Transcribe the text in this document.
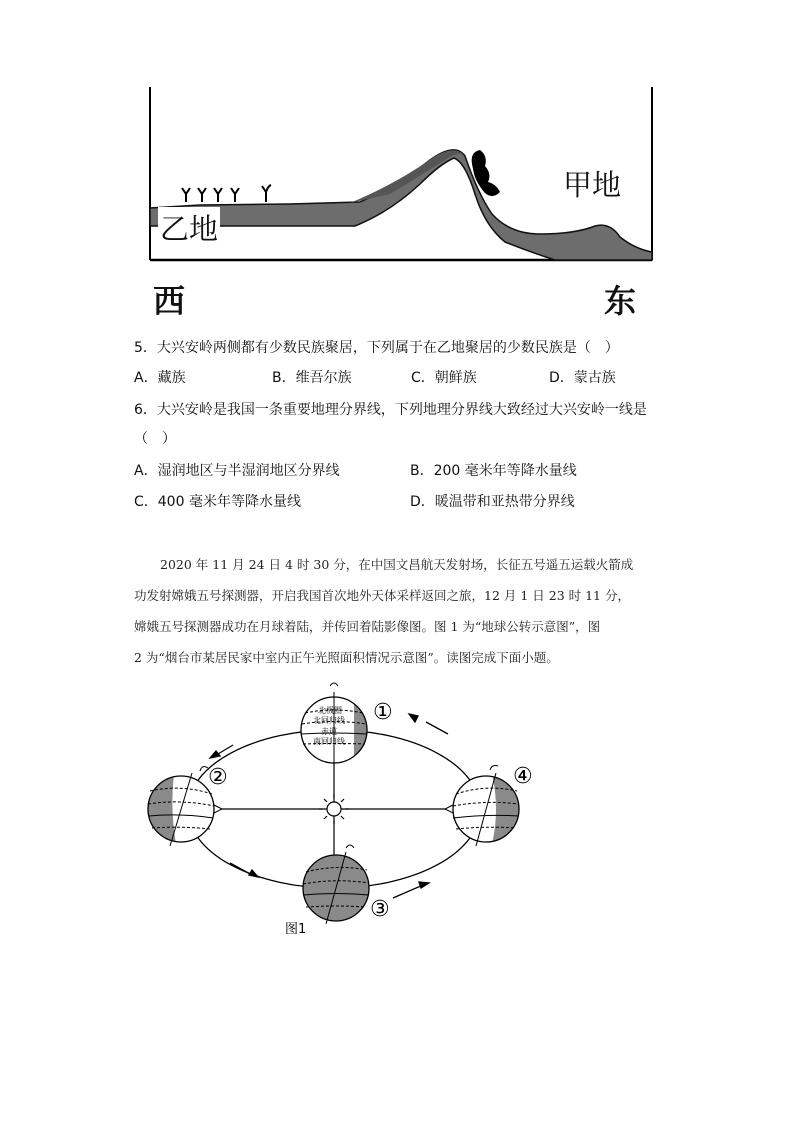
甲地
乙地
西	东
5．大兴安岭两侧都有少数民族聚居，下列属于在乙地聚居的少数民族是（　）
A．藏族	B．维吾尔族	C．朝鲜族	D．蒙古族
6．大兴安岭是我国一条重要地理分界线，下列地理分界线大致经过大兴安岭一线是
（　）
A．湿润地区与半湿润地区分界线	B．200 毫米年等降水量线
C．400 毫米年等降水量线	D．暖温带和亚热带分界线
2020 年 11 月 24 日 4 时 30 分，在中国文昌航天发射场，长征五号遥五运载火箭成
功发射嫦娥五号探测器，开启我国首次地外天体采样返回之旅，12 月 1 日 23 时 11 分，
嫦娥五号探测器成功在月球着陆，并传回着陆影像图。图 1 为“地球公转示意图”，图
2 为“烟台市某居民家中室内正午光照面积情况示意图”。读图完成下面小题。
北极圈
北回归线
赤道
南回归线
①
②
③
④
图1
